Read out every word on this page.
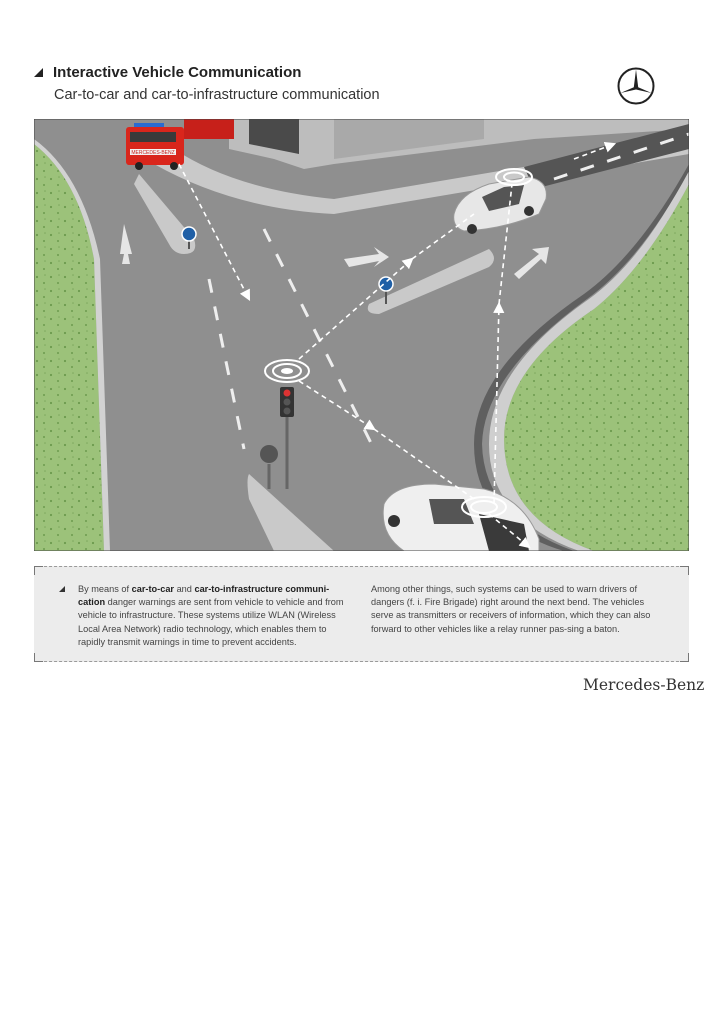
Interactive Vehicle Communication
Car-to-car and car-to-infrastructure communication
MERCEDES-BENZ
By means of car-to-car and car-to-infrastructure communi-cation danger warnings are sent from vehicle to vehicle and from vehicle to infrastructure. These systems utilize WLAN (Wireless Local Area Network) radio technology, which enables them to rapidly transmit warnings in time to prevent accidents.
Among other things, such systems can be used to warn drivers of dangers (f. i. Fire Brigade) right around the next bend. The vehicles serve as transmitters or receivers of information, which they can also forward to other vehicles like a relay runner pas-sing a baton.
Mercedes-Benz
